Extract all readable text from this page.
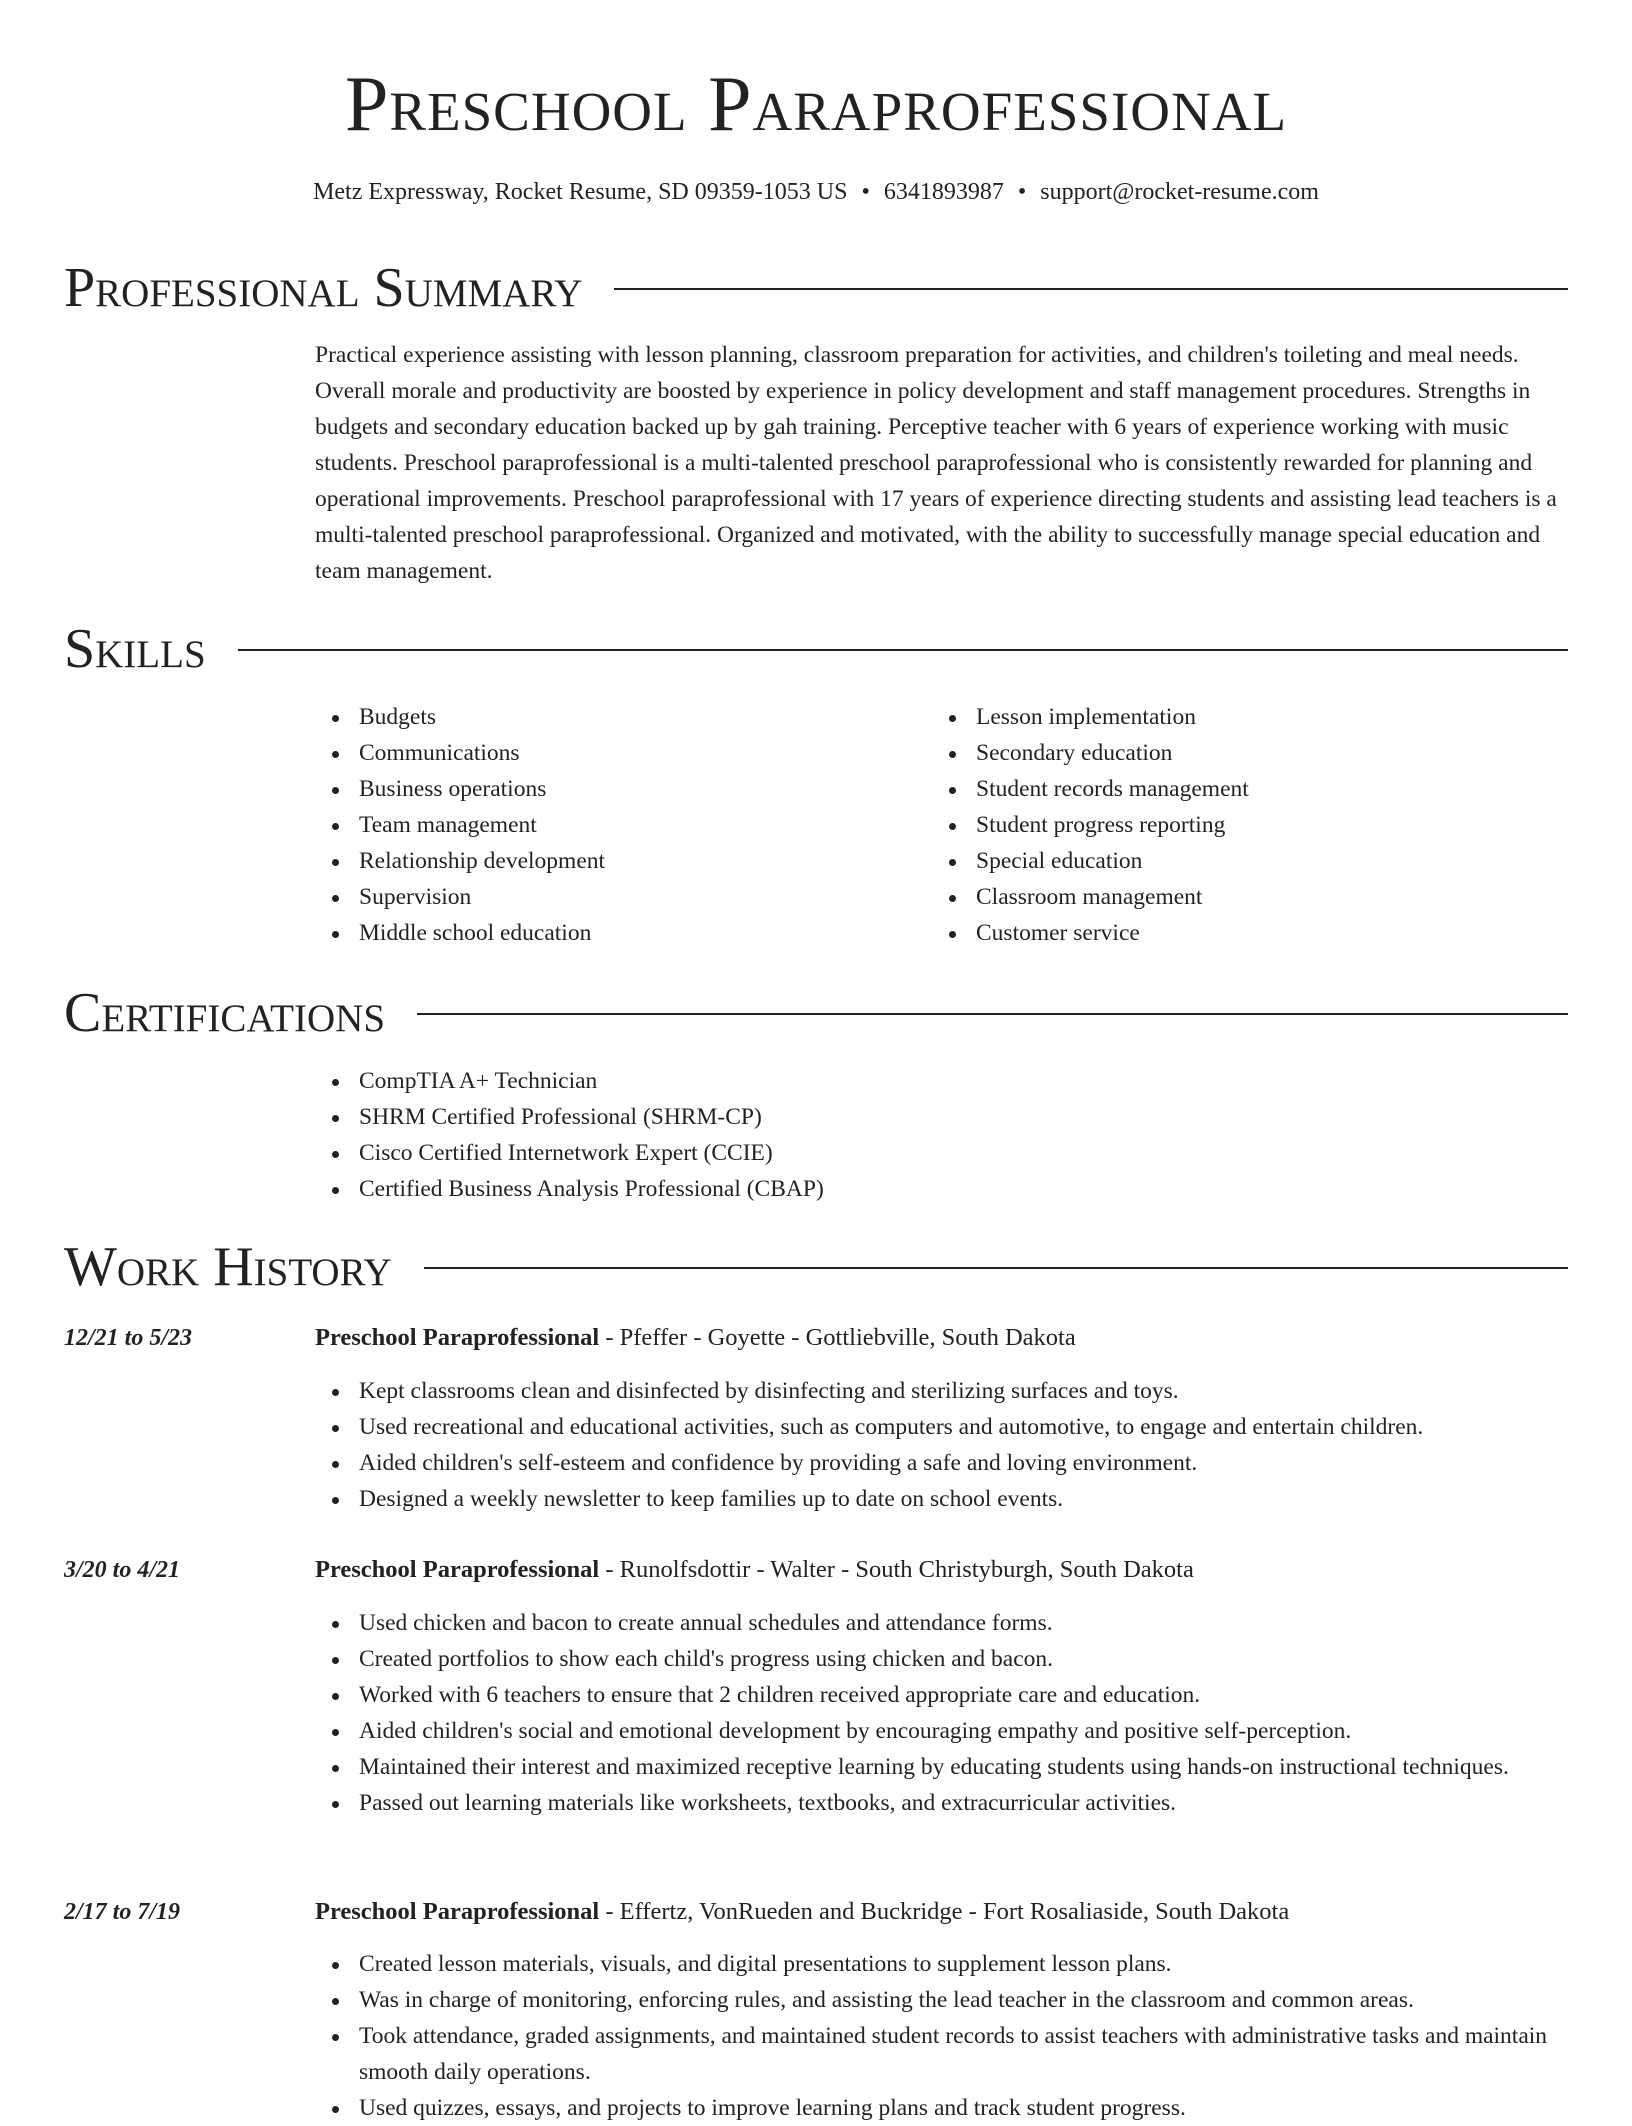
Preschool Paraprofessional
Metz Expressway, Rocket Resume, SD 09359-1053 US • 6341893987 • support@rocket-resume.com
Professional Summary

Practical experience assisting with lesson planning, classroom preparation for activities, and children's toileting and meal needs. Overall morale and productivity are boosted by experience in policy development and staff management procedures. Strengths in budgets and secondary education backed up by gah training. Perceptive teacher with 6 years of experience working with music students. Preschool paraprofessional is a multi-talented preschool paraprofessional who is consistently rewarded for planning and operational improvements. Preschool paraprofessional with 17 years of experience directing students and assisting lead teachers is a multi-talented preschool paraprofessional. Organized and motivated, with the ability to successfully manage special education and team management.

Skills
Budgets
Communications
Business operations
Team management
Relationship development
Supervision
Middle school education
Lesson implementation
Secondary education
Student records management
Student progress reporting
Special education
Classroom management
Customer service
Certifications
CompTIA A+ Technician
SHRM Certified Professional (SHRM-CP)
Cisco Certified Internetwork Expert (CCIE)
Certified Business Analysis Professional (CBAP)
Work History
12/21 to 5/23	Preschool Paraprofessional - Pfeffer - Goyette - Gottliebville, South Dakota
Kept classrooms clean and disinfected by disinfecting and sterilizing surfaces and toys.
Used recreational and educational activities, such as computers and automotive, to engage and entertain children.
Aided children's self-esteem and confidence by providing a safe and loving environment.
Designed a weekly newsletter to keep families up to date on school events.
3/20 to 4/21	Preschool Paraprofessional - Runolfsdottir - Walter - South Christyburgh, South Dakota
Used chicken and bacon to create annual schedules and attendance forms.
Created portfolios to show each child's progress using chicken and bacon.
Worked with 6 teachers to ensure that 2 children received appropriate care and education.
Aided children's social and emotional development by encouraging empathy and positive self-perception.
Maintained their interest and maximized receptive learning by educating students using hands-on instructional techniques.
Passed out learning materials like worksheets, textbooks, and extracurricular activities.
2/17 to 7/19	Preschool Paraprofessional - Effertz, VonRueden and Buckridge - Fort Rosaliaside, South Dakota
Created lesson materials, visuals, and digital presentations to supplement lesson plans.
Was in charge of monitoring, enforcing rules, and assisting the lead teacher in the classroom and common areas.
Took attendance, graded assignments, and maintained student records to assist teachers with administrative tasks and maintain smooth daily operations.
Used quizzes, essays, and projects to improve learning plans and track student progress.
